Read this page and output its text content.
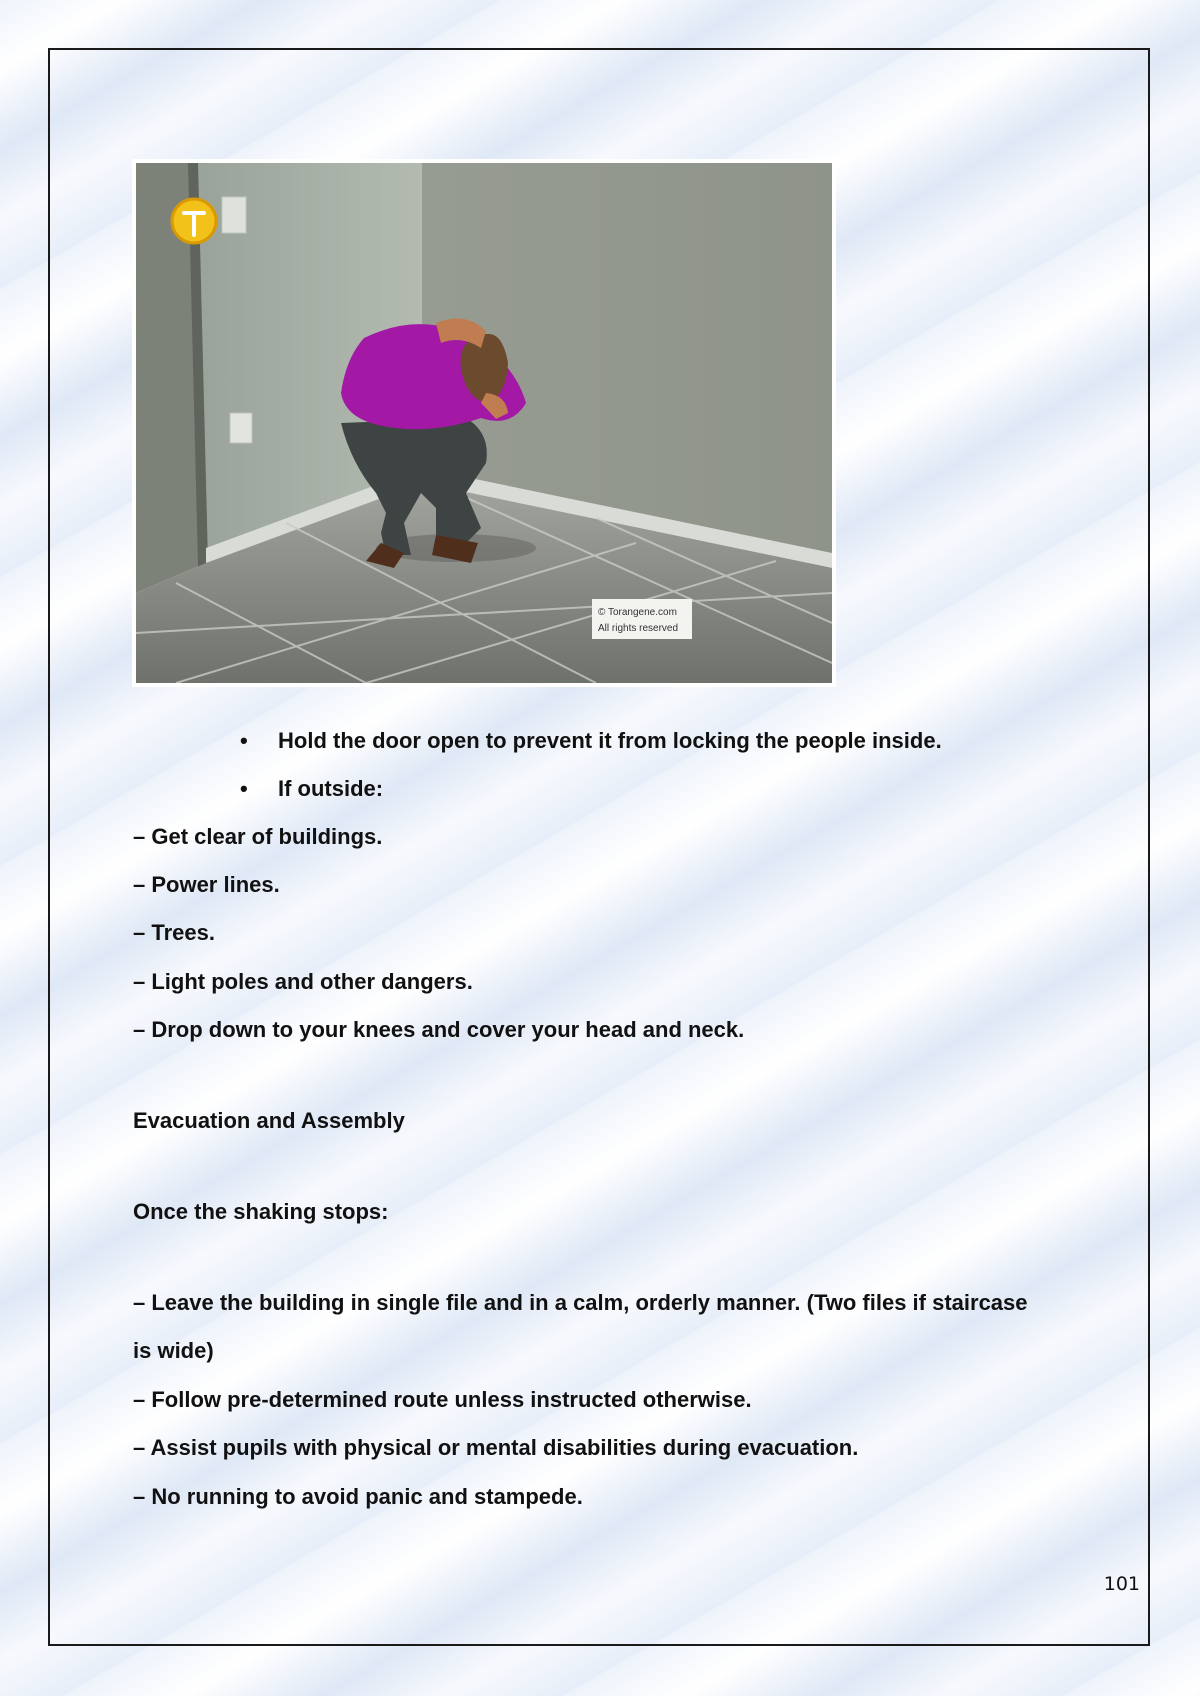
© Torangene.com
All rights reserved
• Hold the door open to prevent it from locking the people inside.
• If outside:
– Get clear of buildings.
– Power lines.
– Trees.
– Light poles and other dangers.
– Drop down to your knees and cover your head and neck.
Evacuation and Assembly
Once the shaking stops:
– Leave the building in single file and in a calm, orderly manner. (Two files if staircase
is wide)
– Follow pre-determined route unless instructed otherwise.
– Assist pupils with physical or mental disabilities during evacuation.
– No running to avoid panic and stampede.
101
